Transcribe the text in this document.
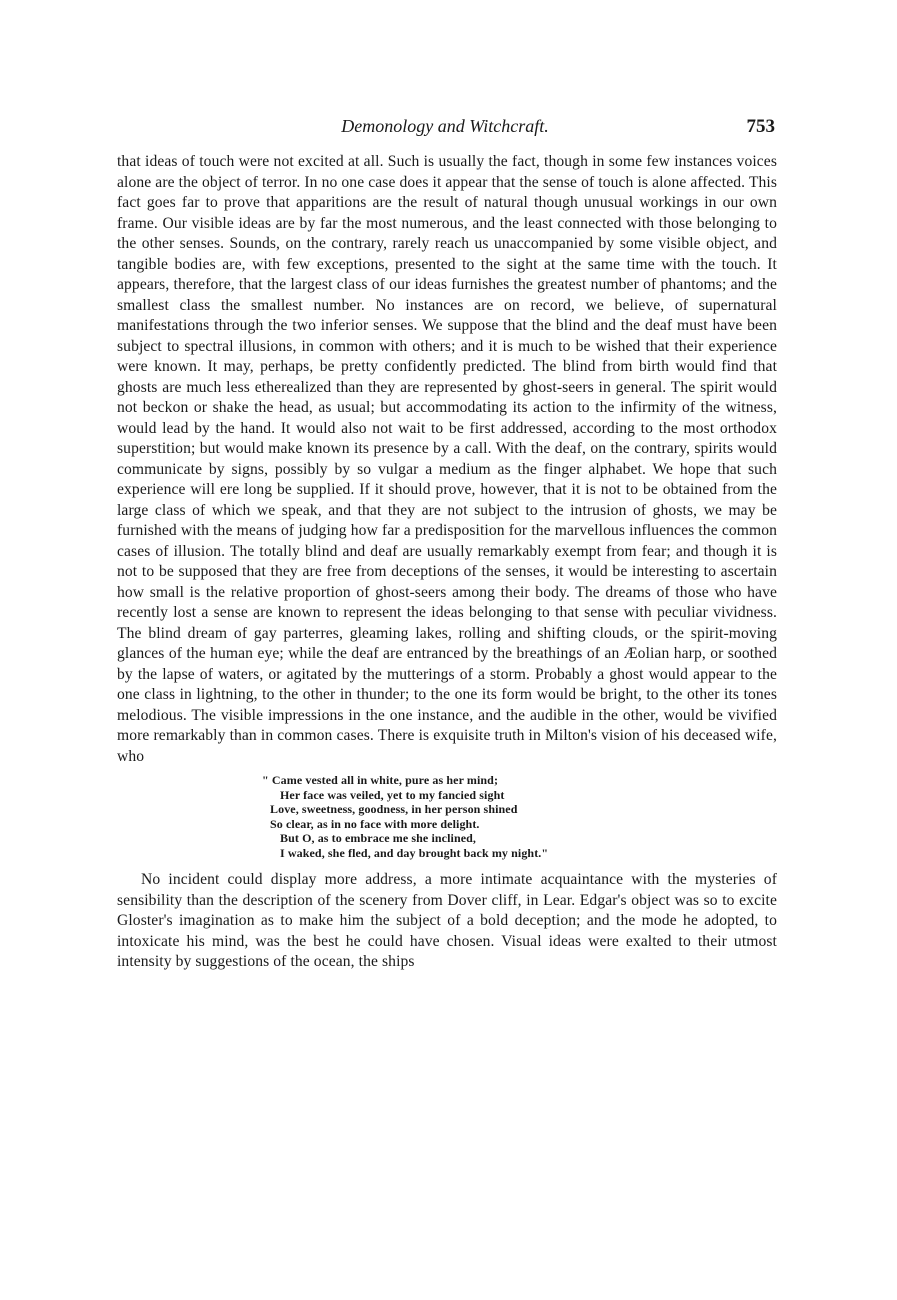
Demonology and Witchcraft.	753

that ideas of touch were not excited at all. Such is usually the fact, though in some few instances voices alone are the object of terror. In no one case does it appear that the sense of touch is alone affected. This fact goes far to prove that apparitions are the result of natural though unusual workings in our own frame. Our visible ideas are by far the most numerous, and the least connected with those belonging to the other senses. Sounds, on the contrary, rarely reach us unaccompanied by some visible object, and tangible bodies are, with few exceptions, presented to the sight at the same time with the touch. It appears, therefore, that the largest class of our ideas furnishes the greatest number of phantoms; and the smallest class the smallest number. No instances are on record, we believe, of supernatural manifestations through the two inferior senses. We suppose that the blind and the deaf must have been subject to spectral illusions, in common with others; and it is much to be wished that their experience were known. It may, perhaps, be pretty confidently predicted. The blind from birth would find that ghosts are much less etherealized than they are represented by ghost-seers in general. The spirit would not beckon or shake the head, as usual; but accommodating its action to the infirmity of the witness, would lead by the hand. It would also not wait to be first addressed, according to the most orthodox superstition; but would make known its presence by a call. With the deaf, on the contrary, spirits would communicate by signs, possibly by so vulgar a medium as the finger alphabet. We hope that such experience will ere long be supplied. If it should prove, however, that it is not to be obtained from the large class of which we speak, and that they are not subject to the intrusion of ghosts, we may be furnished with the means of judging how far a predisposition for the marvellous influences the common cases of illusion. The totally blind and deaf are usually remarkably exempt from fear; and though it is not to be supposed that they are free from deceptions of the senses, it would be interesting to ascertain how small is the relative proportion of ghost-seers among their body. The dreams of those who have recently lost a sense are known to represent the ideas belonging to that sense with peculiar vividness. The blind dream of gay parterres, gleaming lakes, rolling and shifting clouds, or the spirit-moving glances of the human eye; while the deaf are entranced by the breathings of an Æolian harp, or soothed by the lapse of waters, or agitated by the mutterings of a storm. Probably a ghost would appear to the one class in lightning, to the other in thunder; to the one its form would be bright, to the other its tones melodious. The visible impressions in the one instance, and the audible in the other, would be vivified more remarkably than in common cases. There is exquisite truth in Milton's vision of his deceased wife, who

" Came vested all in white, pure as her mind;
Her face was veiled, yet to my fancied sight
Love, sweetness, goodness, in her person shined
So clear, as in no face with more delight.
But O, as to embrace me she inclined,
I waked, she fled, and day brought back my night."

No incident could display more address, a more intimate acquaintance with the mysteries of sensibility than the description of the scenery from Dover cliff, in Lear. Edgar's object was so to excite Gloster's imagination as to make him the subject of a bold deception; and the mode he adopted, to intoxicate his mind, was the best he could have chosen. Visual ideas were exalted to their utmost intensity by suggestions of the ocean, the ships
